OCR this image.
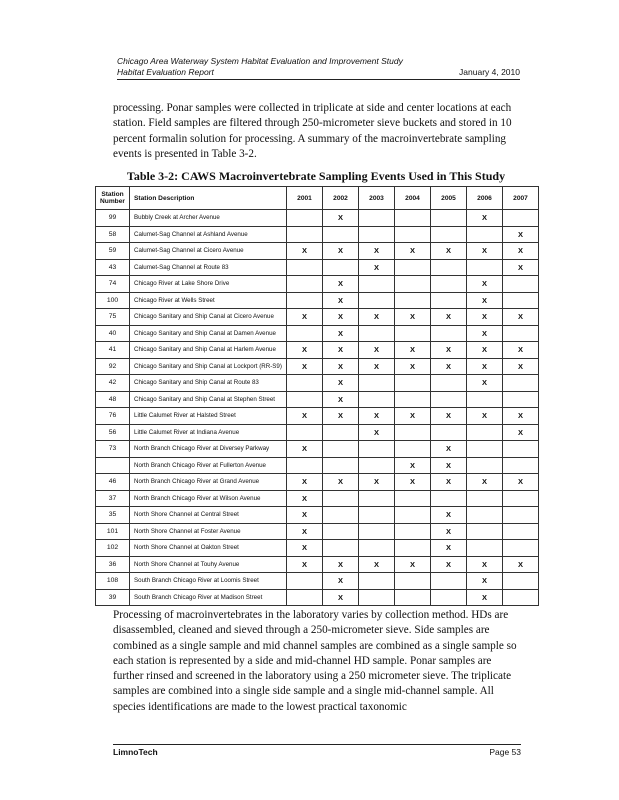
Chicago Area Waterway System Habitat Evaluation and Improvement Study
Habitat Evaluation Report	January 4, 2010
processing. Ponar samples were collected in triplicate at side and center locations at each station. Field samples are filtered through 250-micrometer sieve buckets and stored in 10 percent formalin solution for processing. A summary of the macroinvertebrate sampling events is presented in Table 3-2.
Table 3-2: CAWS Macroinvertebrate Sampling Events Used in This Study
Station Number	Station Description	2001	2002	2003	2004	2005	2006	2007
99	Bubbly Creek at Archer Avenue		X				X	
58	Calumet-Sag Channel at Ashland Avenue							X
59	Calumet-Sag Channel at Cicero Avenue	X	X	X	X	X	X	X
43	Calumet-Sag Channel at Route 83			X				X
74	Chicago River at Lake Shore Drive		X				X	
100	Chicago River at Wells Street		X				X	
75	Chicago Sanitary and Ship Canal at Cicero Avenue	X	X	X	X	X	X	X
40	Chicago Sanitary and Ship Canal at Damen Avenue		X				X	
41	Chicago Sanitary and Ship Canal at Harlem Avenue	X	X	X	X	X	X	X
92	Chicago Sanitary and Ship Canal at Lockport (RR-S9)	X	X	X	X	X	X	X
42	Chicago Sanitary and Ship Canal at Route 83		X				X	
48	Chicago Sanitary and Ship Canal at Stephen Street		X					
76	Little Calumet River at Halsted Street	X	X	X	X	X	X	X
56	Little Calumet River at Indiana Avenue			X				X
73	North Branch Chicago River at Diversey Parkway	X				X		
	North Branch Chicago River at Fullerton Avenue				X	X		
46	North Branch Chicago River at Grand Avenue	X	X	X	X	X	X	X
37	North Branch Chicago River at Wilson Avenue	X						
35	North Shore Channel at Central Street	X				X		
101	North Shore Channel at Foster Avenue	X				X		
102	North Shore Channel at Oakton Street	X				X		
36	North Shore Channel at Touhy Avenue	X	X	X	X	X	X	X
108	South Branch Chicago River at Loomis Street		X				X	
39	South Branch Chicago River at Madison Street		X				X	
Processing of macroinvertebrates in the laboratory varies by collection method. HDs are disassembled, cleaned and sieved through a 250-micrometer sieve. Side samples are combined as a single sample and mid channel samples are combined as a single sample so each station is represented by a side and mid-channel HD sample. Ponar samples are further rinsed and screened in the laboratory using a 250 micrometer sieve. The triplicate samples are combined into a single side sample and a single mid-channel sample. All species identifications are made to the lowest practical taxonomic
LimnoTech	Page 53
